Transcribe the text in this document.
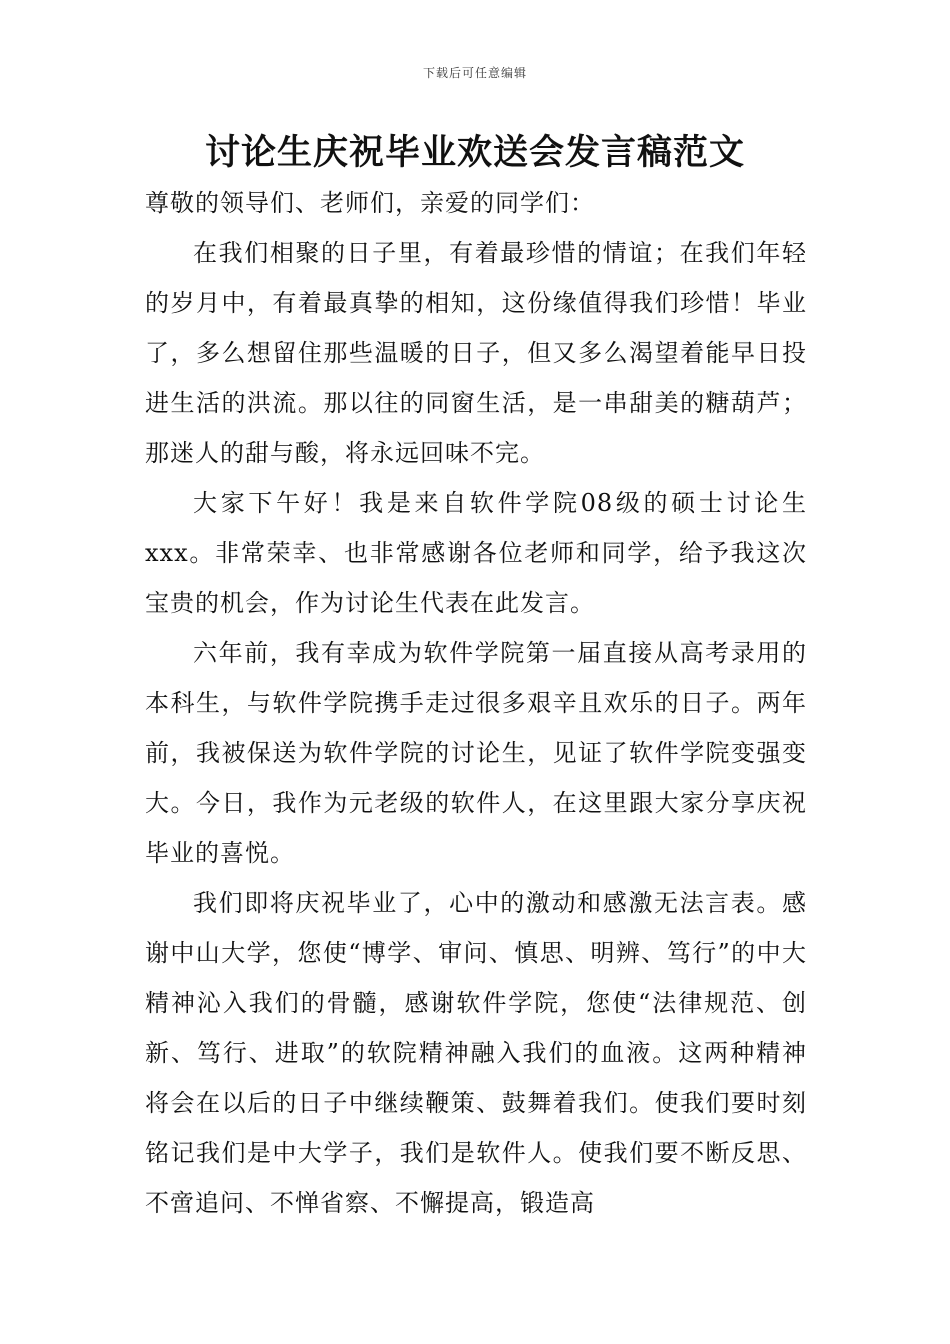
下载后可任意编辑
讨论生庆祝毕业欢送会发言稿范文

尊敬的领导们、老师们，亲爱的同学们：

在我们相聚的日子里，有着最珍惜的情谊；在我们年轻的岁月中，有着最真挚的相知，这份缘值得我们珍惜！毕业了，多么想留住那些温暖的日子，但又多么渴望着能早日投进生活的洪流。那以往的同窗生活，是一串甜美的糖葫芦；那迷人的甜与酸，将永远回味不完。

大家下午好！我是来自软件学院08级的硕士讨论生xxx。非常荣幸、也非常感谢各位老师和同学，给予我这次宝贵的机会，作为讨论生代表在此发言。

六年前，我有幸成为软件学院第一届直接从高考录用的本科生，与软件学院携手走过很多艰辛且欢乐的日子。两年前，我被保送为软件学院的讨论生，见证了软件学院变强变大。今日，我作为元老级的软件人，在这里跟大家分享庆祝毕业的喜悦。

我们即将庆祝毕业了，心中的激动和感激无法言表。感谢中山大学，您使“博学、审问、慎思、明辨、笃行”的中大精神沁入我们的骨髓，感谢软件学院，您使“法律规范、创新、笃行、进取”的软院精神融入我们的血液。这两种精神将会在以后的日子中继续鞭策、鼓舞着我们。使我们要时刻铭记我们是中大学子，我们是软件人。使我们要不断反思、不啻追问、不惮省察、不懈提高，锻造高
